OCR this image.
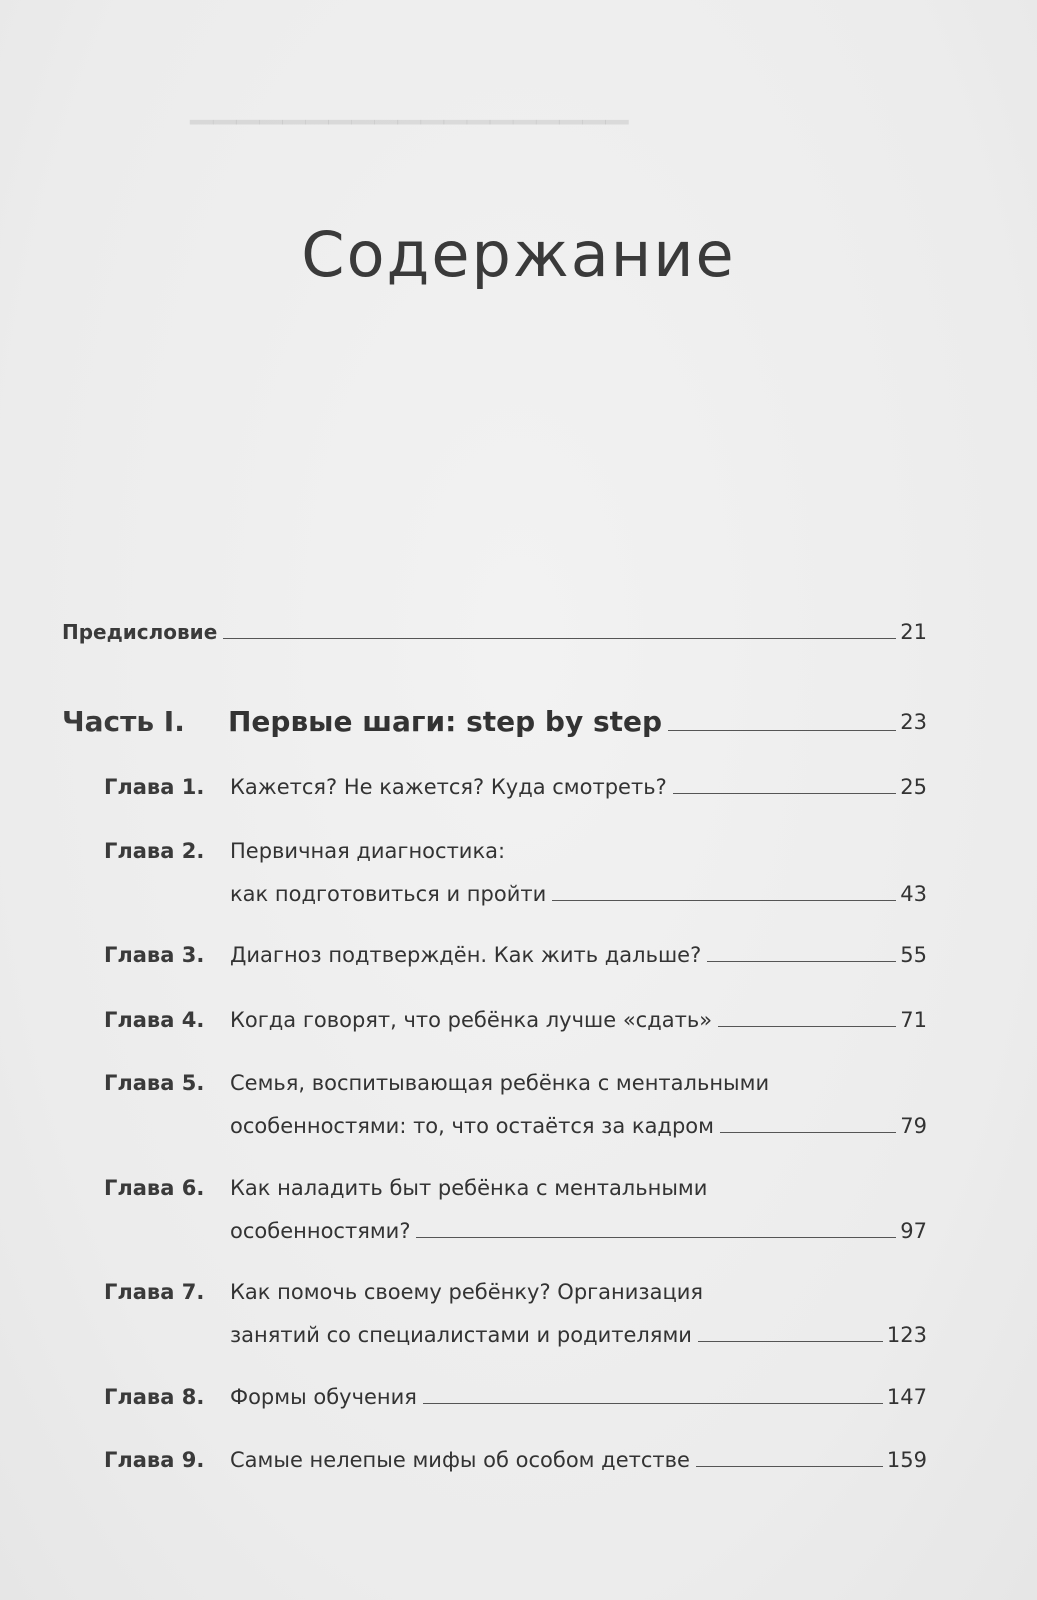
▁▁▁▁▁▁▁▁▁▁▁▁▁▁▁▁▁▁▁
Содержание
Предисловие	21
Часть I. Первые шаги: step by step	23
Глава 1. Кажется? Не кажется? Куда смотреть?	25
Глава 2. Первичная диагностика:
как подготовиться и пройти	43
Глава 3. Диагноз подтверждён. Как жить дальше?	55
Глава 4. Когда говорят, что ребёнка лучше «сдать»	71
Глава 5. Семья, воспитывающая ребёнка с ментальными
особенностями: то, что остаётся за кадром	79
Глава 6. Как наладить быт ребёнка с ментальными
особенностями?	97
Глава 7. Как помочь своему ребёнку? Организация
занятий со специалистами и родителями	123
Глава 8. Формы обучения	147
Глава 9. Самые нелепые мифы об особом детстве	159
